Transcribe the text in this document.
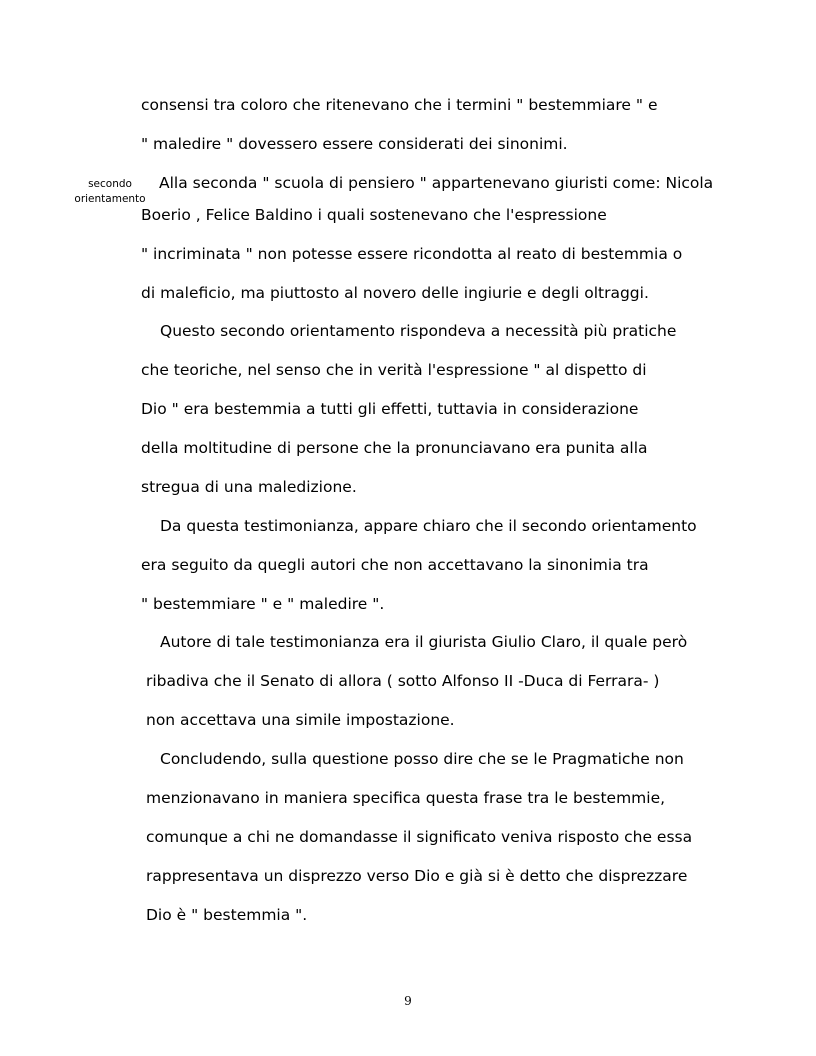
secondo
orientamento
consensi tra coloro che ritenevano che i termini " bestemmiare " e
" maledire " dovessero essere considerati dei sinonimi.
Alla seconda " scuola di pensiero " appartenevano giuristi come: Nicola
Boerio , Felice Baldino i quali sostenevano che l'espressione
" incriminata " non potesse essere ricondotta al reato di bestemmia o
di maleficio, ma piuttosto al novero delle ingiurie e degli oltraggi.
Questo secondo orientamento rispondeva a necessità più pratiche
che teoriche, nel senso che in verità l'espressione " al dispetto di
Dio " era bestemmia a tutti gli effetti, tuttavia in considerazione
della moltitudine di persone che la pronunciavano era punita alla
stregua di una maledizione.
Da questa testimonianza, appare chiaro che il secondo orientamento
era seguito da quegli autori che non accettavano la sinonimia tra
" bestemmiare " e " maledire ".
Autore di tale testimonianza era il giurista Giulio Claro, il quale però
ribadiva che il Senato di allora ( sotto Alfonso II -Duca di Ferrara- )
non accettava una simile impostazione.
Concludendo, sulla questione posso dire che se le Pragmatiche non
menzionavano in maniera specifica questa frase tra le bestemmie,
comunque a chi ne domandasse il significato veniva risposto che essa
rappresentava un disprezzo verso Dio e già si è detto che disprezzare
Dio è " bestemmia ".
9
